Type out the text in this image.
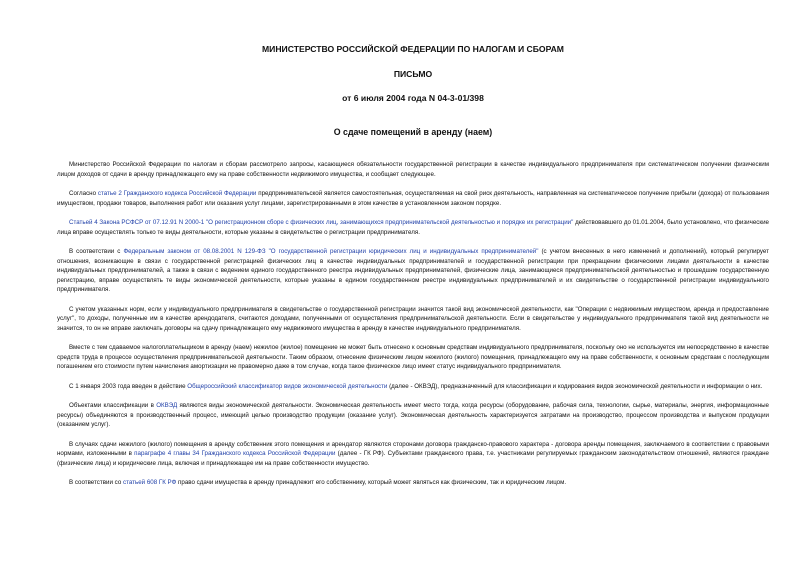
МИНИСТЕРСТВО РОССИЙСКОЙ ФЕДЕРАЦИИ ПО НАЛОГАМ И СБОРАМ
ПИСЬМО
от 6 июля 2004 года N 04-3-01/398
О сдаче помещений в аренду (наем)

Министерство Российской Федерации по налогам и сборам рассмотрело запросы, касающиеся обязательности государственной регистрации в качестве индивидуального предпринимателя при систематическом получении физическим лицом доходов от сдачи в аренду принадлежащего ему на праве собственности недвижимого имущества, и сообщает следующее.

Согласно статье 2 Гражданского кодекса Российской Федерации предпринимательской является самостоятельная, осуществляемая на свой риск деятельность, направленная на систематическое получение прибыли (дохода) от пользования имуществом, продажи товаров, выполнения работ или оказания услуг лицами, зарегистрированными в этом качестве в установленном законом порядке.

Статьей 4 Закона РСФСР от 07.12.91 N 2000-1 "О регистрационном сборе с физических лиц, занимающихся предпринимательской деятельностью и порядке их регистрации" действовавшего до 01.01.2004, было установлено, что физические лица вправе осуществлять только те виды деятельности, которые указаны в свидетельстве о регистрации предпринимателя.

В соответствии с Федеральным законом от 08.08.2001 N 129-ФЗ "О государственной регистрации юридических лиц и индивидуальных предпринимателей" (с учетом внесенных в него изменений и дополнений), который регулирует отношения, возникающие в связи с государственной регистрацией физических лиц в качестве индивидуальных предпринимателей и государственной регистрации при прекращении физическими лицами деятельности в качестве индивидуальных предпринимателей, а также в связи с ведением единого государственного реестра индивидуальных предпринимателей, физические лица, занимающиеся предпринимательской деятельностью и прошедшие государственную регистрацию, вправе осуществлять те виды экономической деятельности, которые указаны в едином государственном реестре индивидуальных предпринимателей и их свидетельстве о государственной регистрации индивидуального предпринимателя.

С учетом указанных норм, если у индивидуального предпринимателя в свидетельстве о государственной регистрации значится такой вид экономической деятельности, как "Операции с недвижимым имуществом, аренда и предоставление услуг", то доходы, полученные им в качестве арендодателя, считаются доходами, полученными от осуществления предпринимательской деятельности. Если в свидетельстве у индивидуального предпринимателя такой вид деятельности не значится, то он не вправе заключать договоры на сдачу принадлежащего ему недвижимого имущества в аренду в качестве индивидуального предпринимателя.

Вместе с тем сдаваемое налогоплательщиком в аренду (наем) нежилое (жилое) помещение не может быть отнесено к основным средствам индивидуального предпринимателя, поскольку оно не используется им непосредственно в качестве средств труда в процессе осуществления предпринимательской деятельности. Таким образом, отнесение физическим лицом нежилого (жилого) помещения, принадлежащего ему на праве собственности, к основным средствам с последующим погашением его стоимости путем начисления амортизации не правомерно даже в том случае, когда такое физическое лицо имеет статус индивидуального предпринимателя.

С 1 января 2003 года введен в действие Общероссийский классификатор видов экономической деятельности (далее - ОКВЭД), предназначенный для классификации и кодирования видов экономической деятельности и информации о них.

Объектами классификации в ОКВЭД являются виды экономической деятельности. Экономическая деятельность имеет место тогда, когда ресурсы (оборудование, рабочая сила, технологии, сырье, материалы, энергия, информационные ресурсы) объединяются в производственный процесс, имеющий целью производство продукции (оказание услуг). Экономическая деятельность характеризуется затратами на производство, процессом производства и выпуском продукции (оказанием услуг).

В случаях сдачи нежилого (жилого) помещения в аренду собственник этого помещения и арендатор являются сторонами договора гражданско-правового характера - договора аренды помещения, заключаемого в соответствии с правовыми нормами, изложенными в параграфе 4 главы 34 Гражданского кодекса Российской Федерации (далее - ГК РФ). Субъектами гражданского права, т.е. участниками регулируемых гражданским законодательством отношений, являются граждане (физические лица) и юридические лица, включая и принадлежащее им на праве собственности имущество.

В соответствии со статьей 608 ГК РФ право сдачи имущества в аренду принадлежит его собственнику, который может являться как физическим, так и юридическим лицом.
